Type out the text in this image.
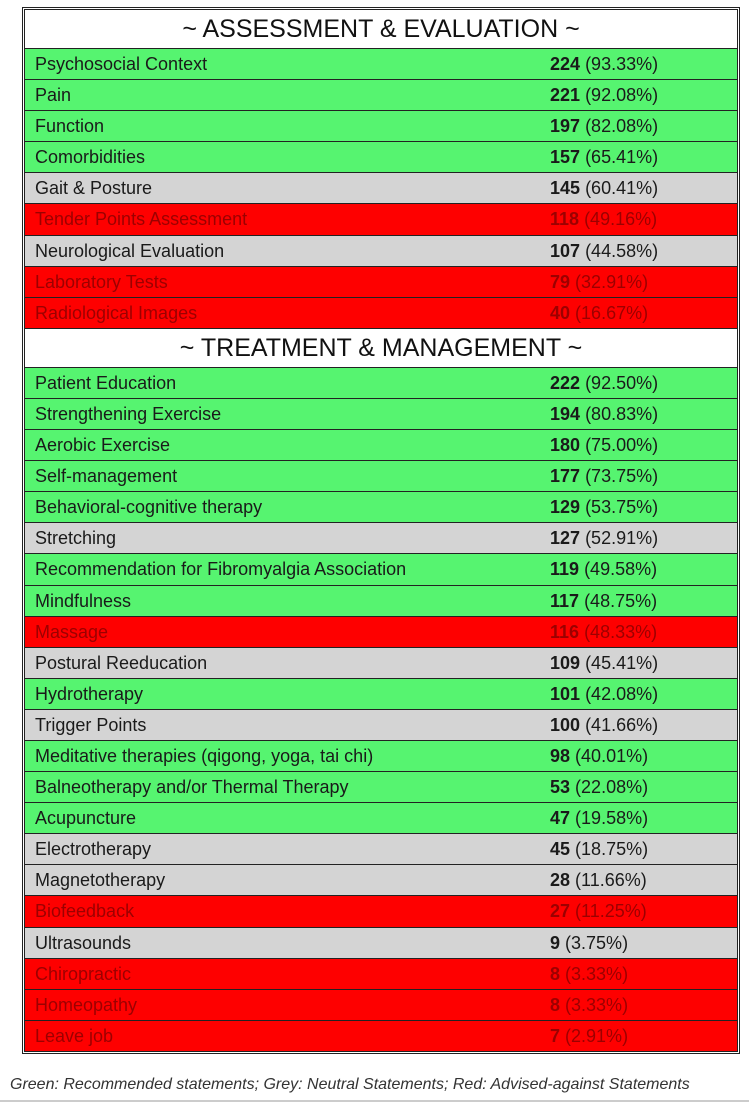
~ ASSESSMENT & EVALUATION ~
Psychosocial Context	224 (93.33%)
Pain	221 (92.08%)
Function	197 (82.08%)
Comorbidities	157 (65.41%)
Gait & Posture	145 (60.41%)
Tender Points Assessment	118 (49.16%)
Neurological Evaluation	107 (44.58%)
Laboratory Tests	79 (32.91%)
Radiological Images	40 (16.67%)
~ TREATMENT & MANAGEMENT ~
Patient Education	222 (92.50%)
Strengthening Exercise	194 (80.83%)
Aerobic Exercise	180 (75.00%)
Self-management	177 (73.75%)
Behavioral-cognitive therapy	129 (53.75%)
Stretching	127 (52.91%)
Recommendation for Fibromyalgia Association	119 (49.58%)
Mindfulness	117 (48.75%)
Massage	116 (48.33%)
Postural Reeducation	109 (45.41%)
Hydrotherapy	101 (42.08%)
Trigger Points	100 (41.66%)
Meditative therapies (qigong, yoga, tai chi)	98 (40.01%)
Balneotherapy and/or Thermal Therapy	53 (22.08%)
Acupuncture	47 (19.58%)
Electrotherapy	45 (18.75%)
Magnetotherapy	28 (11.66%)
Biofeedback	27 (11.25%)
Ultrasounds	9 (3.75%)
Chiropractic	8 (3.33%)
Homeopathy	8 (3.33%)
Leave job	7 (2.91%)
Green: Recommended statements; Grey: Neutral Statements; Red: Advised-against Statements
